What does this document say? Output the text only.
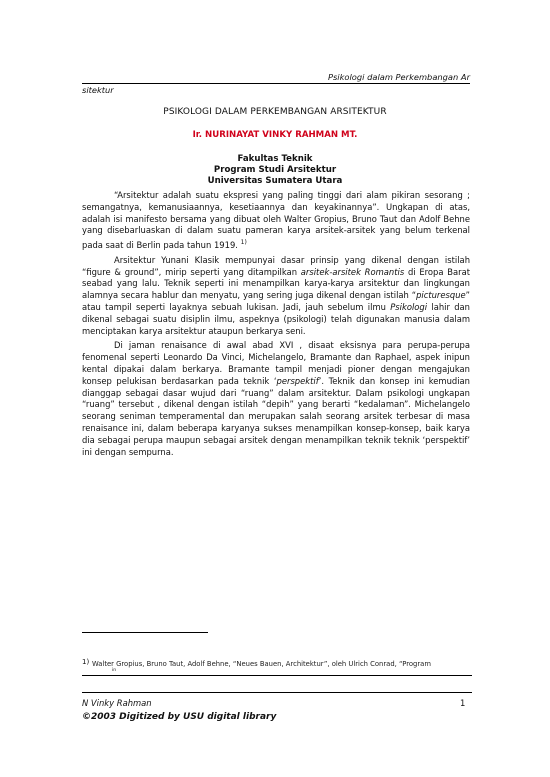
Psikologi dalam Perkembangan Ar
sitektur
PSIKOLOGI DALAM PERKEMBANGAN ARSITEKTUR
Ir. NURINAYAT VINKY RAHMAN MT.
Fakultas Teknik
Program Studi Arsitektur
Universitas Sumatera Utara

“Arsitektur adalah suatu ekspresi yang paling tinggi dari alam pikiran sesorang ; semangatnya, kemanusiaannya, kesetiaannya dan keyakinannya”. Ungkapan di atas, adalah isi manifesto bersama yang dibuat oleh Walter Gropius, Bruno Taut dan Adolf Behne yang disebarluaskan di dalam suatu pameran karya arsitek-arsitek yang belum terkenal pada saat di Berlin pada tahun 1919. $^{1)}$

Arsitektur Yunani Klasik mempunyai dasar prinsip yang dikenal dengan istilah “figure & ground”, mirip seperti yang ditampilkan arsitek-arsitek Romantis di Eropa Barat seabad yang lalu. Teknik seperti ini menampilkan karya-karya arsitektur dan lingkungan alamnya secara hablur dan menyatu, yang sering juga dikenal dengan istilah “picturesque” atau tampil seperti layaknya sebuah lukisan. Jadi, jauh sebelum ilmu Psikologi lahir dan dikenal sebagai suatu disiplin ilmu, aspeknya (psikologi) telah digunakan manusia dalam menciptakan karya arsitektur ataupun berkarya seni.

Di jaman renaisance di awal abad XVI , disaat eksisnya para perupa-perupa fenomenal seperti Leonardo Da Vinci, Michelangelo, Bramante dan Raphael, aspek inipun kental dipakai dalam berkarya. Bramante tampil menjadi pioner dengan mengajukan konsep pelukisan berdasarkan pada teknik ‘perspektif’. Teknik dan konsep ini kemudian dianggap sebagai dasar wujud dari “ruang” dalam arsitektur. Dalam psikologi ungkapan “ruang” tersebut , dikenal dengan istilah “depih” yang berarti “kedalaman”. Michelangelo seorang seniman temperamental dan merupakan salah seorang arsitek terbesar di masa renaisance ini, dalam beberapa karyanya sukses menampilkan konsep-konsep, baik karya dia sebagai perupa maupun sebagai arsitek dengan menampilkan teknik teknik ‘perspektif’ ini dengan sempurna.

1) Walter Gropius, Bruno Taut, Adolf Behne, “Neues Bauen, Architektur”, oleh Ulrich Conrad, “Program
in
N Vinky Rahman	1
©2003 Digitized by USU digital library
